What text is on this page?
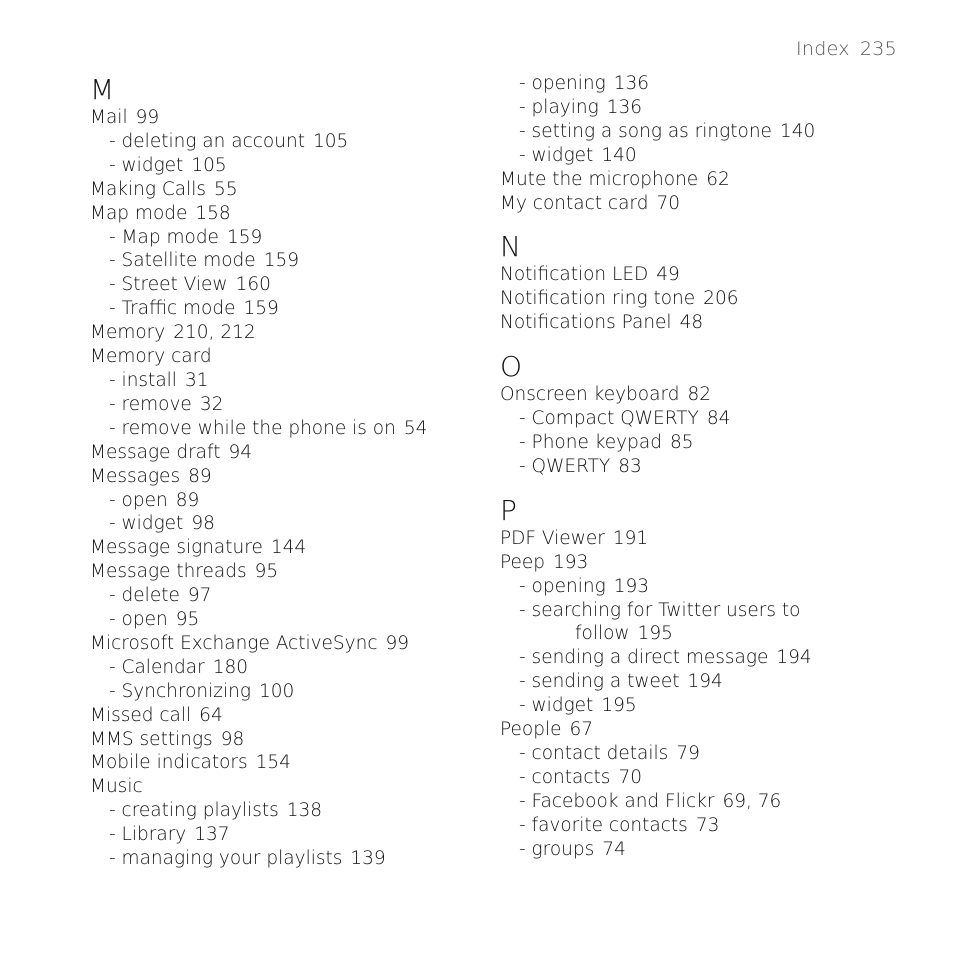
Index 235
M
Mail 99
- deleting an account 105
- widget 105
Making Calls 55
Map mode 158
- Map mode 159
- Satellite mode 159
- Street View 160
- Traffic mode 159
Memory 210, 212
Memory card
- install 31
- remove 32
- remove while the phone is on 54
Message draft 94
Messages 89
- open 89
- widget 98
Message signature 144
Message threads 95
- delete 97
- open 95
Microsoft Exchange ActiveSync 99
- Calendar 180
- Synchronizing 100
Missed call 64
MMS settings 98
Mobile indicators 154
Music
- creating playlists 138
- Library 137
- managing your playlists 139
- opening 136
- playing 136
- setting a song as ringtone 140
- widget 140
Mute the microphone 62
My contact card 70
N
Notification LED 49
Notification ring tone 206
Notifications Panel 48
O
Onscreen keyboard 82
- Compact QWERTY 84
- Phone keypad 85
- QWERTY 83
P
PDF Viewer 191
Peep 193
- opening 193
- searching for Twitter users to
follow 195
- sending a direct message 194
- sending a tweet 194
- widget 195
People 67
- contact details 79
- contacts 70
- Facebook and Flickr 69, 76
- favorite contacts 73
- groups 74
